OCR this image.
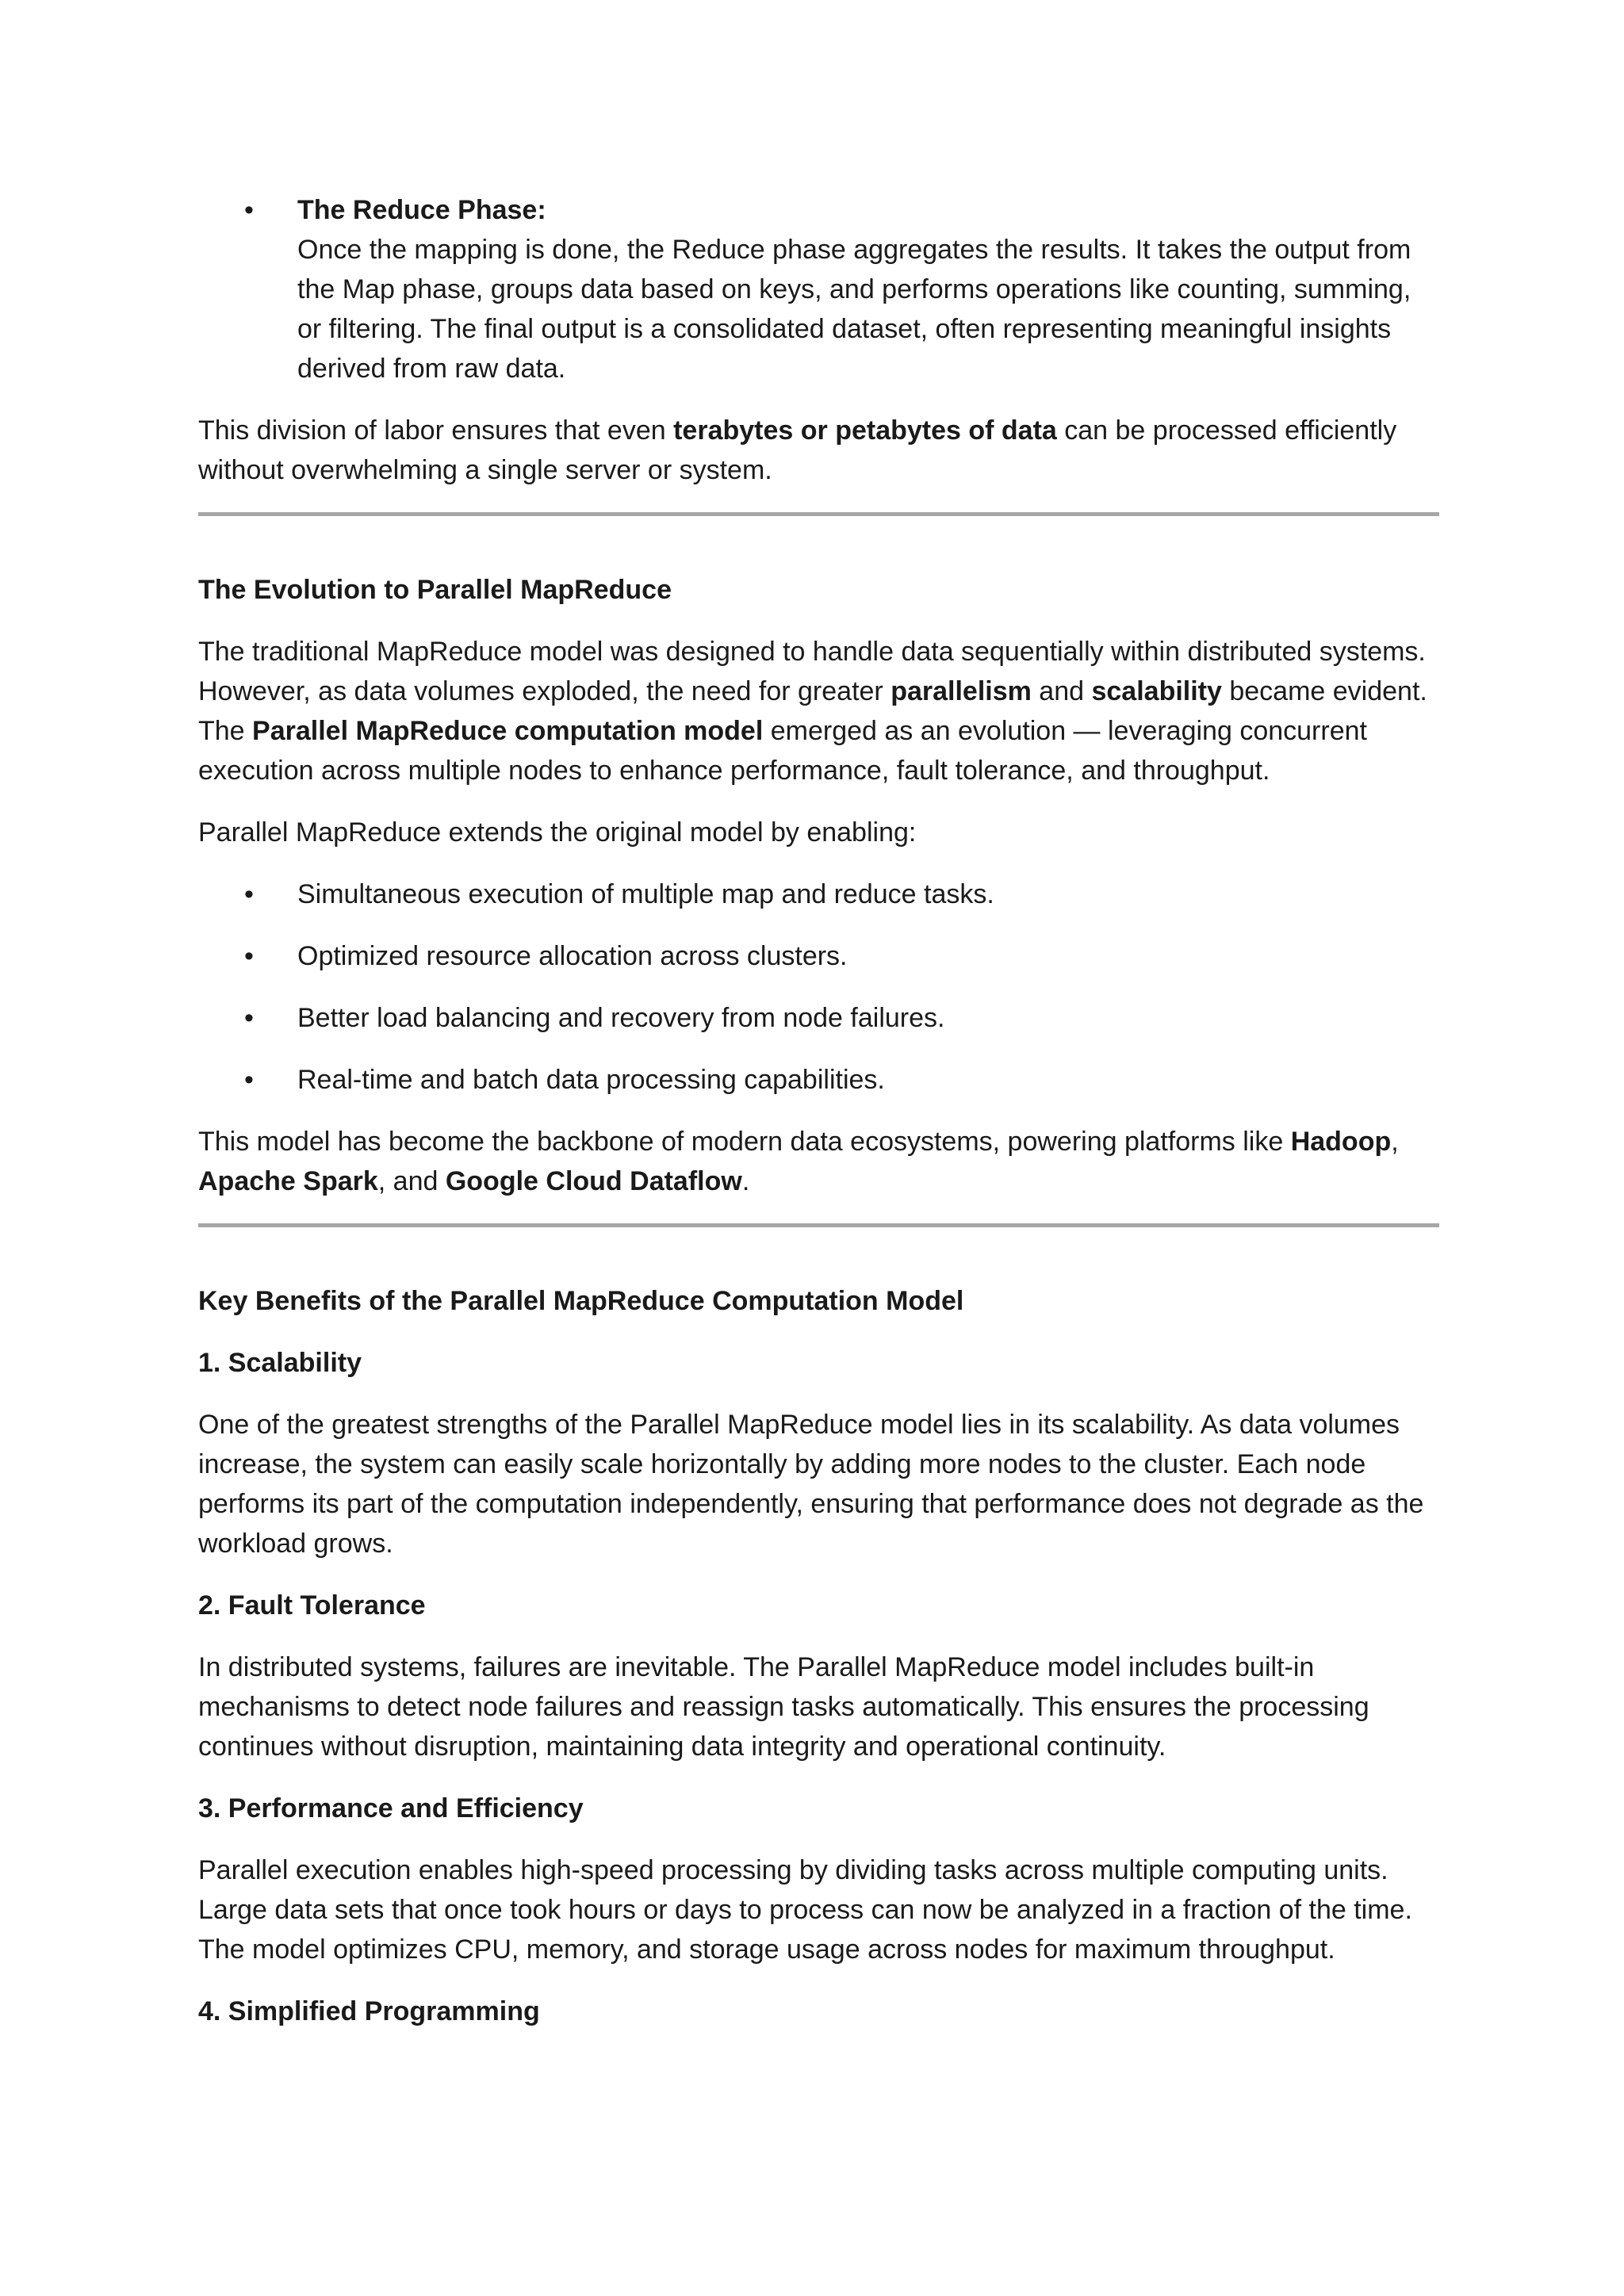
• The Reduce Phase:

Once the mapping is done, the Reduce phase aggregates the results. It takes the output from the Map phase, groups data based on keys, and performs operations like counting, summing, or filtering. The final output is a consolidated dataset, often representing meaningful insights derived from raw data.

This division of labor ensures that even terabytes or petabytes of data can be processed efficiently without overwhelming a single server or system.

The Evolution to Parallel MapReduce

The traditional MapReduce model was designed to handle data sequentially within distributed systems. However, as data volumes exploded, the need for greater parallelism and scalability became evident. The Parallel MapReduce computation model emerged as an evolution — leveraging concurrent execution across multiple nodes to enhance performance, fault tolerance, and throughput.

Parallel MapReduce extends the original model by enabling:

• Simultaneous execution of multiple map and reduce tasks.

• Optimized resource allocation across clusters.

• Better load balancing and recovery from node failures.

• Real-time and batch data processing capabilities.

This model has become the backbone of modern data ecosystems, powering platforms like Hadoop, Apache Spark, and Google Cloud Dataflow.

Key Benefits of the Parallel MapReduce Computation Model

1. Scalability

One of the greatest strengths of the Parallel MapReduce model lies in its scalability. As data volumes increase, the system can easily scale horizontally by adding more nodes to the cluster. Each node performs its part of the computation independently, ensuring that performance does not degrade as the workload grows.

2. Fault Tolerance

In distributed systems, failures are inevitable. The Parallel MapReduce model includes built-in mechanisms to detect node failures and reassign tasks automatically. This ensures the processing continues without disruption, maintaining data integrity and operational continuity.

3. Performance and Efficiency

Parallel execution enables high-speed processing by dividing tasks across multiple computing units. Large data sets that once took hours or days to process can now be analyzed in a fraction of the time. The model optimizes CPU, memory, and storage usage across nodes for maximum throughput.

4. Simplified Programming
